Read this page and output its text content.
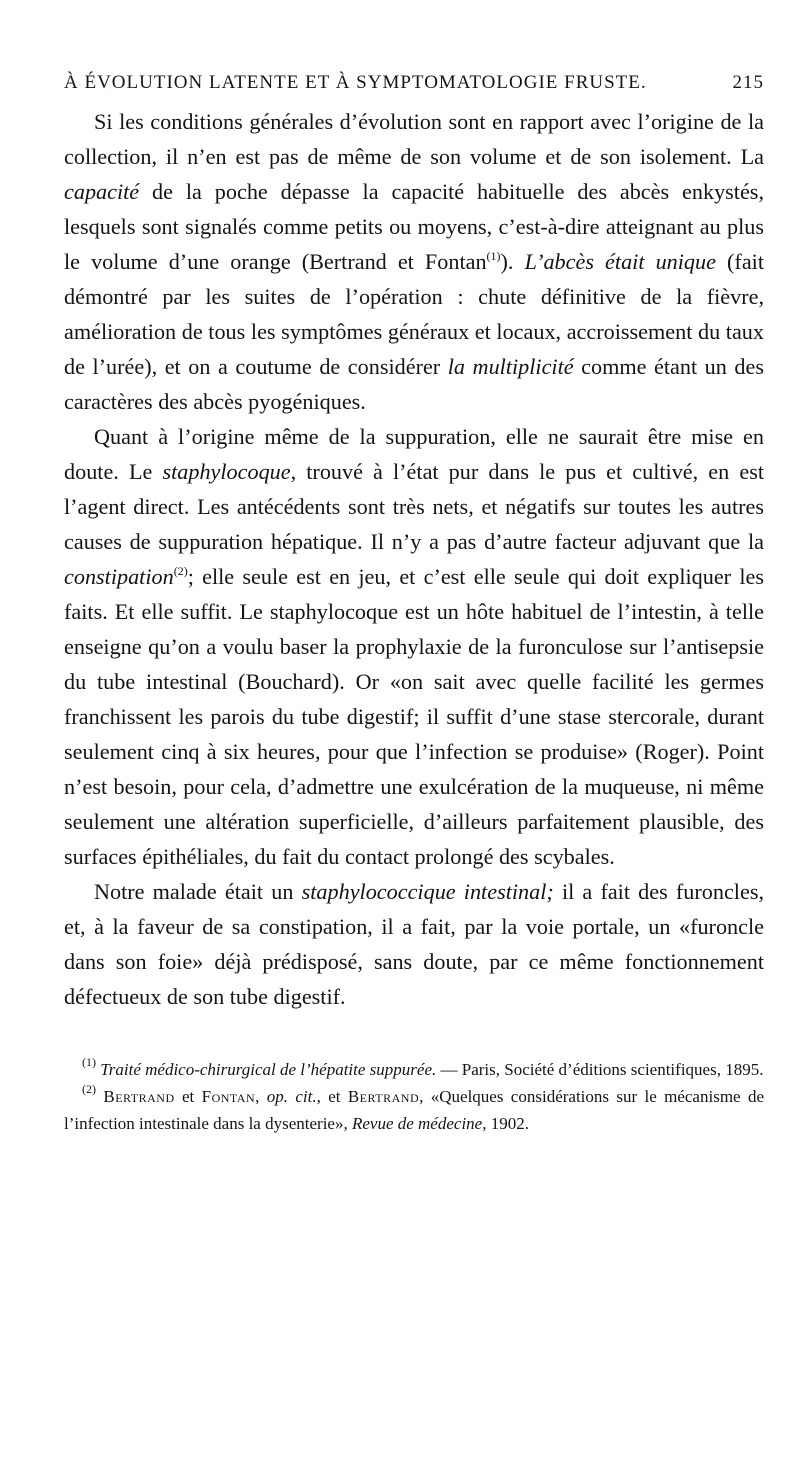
À ÉVOLUTION LATENTE ET À SYMPTOMATOLOGIE FRUSTE.	215

Si les conditions générales d’évolution sont en rapport avec l’origine de la collection, il n’en est pas de même de son volume et de son isolement. La capacité de la poche dépasse la capacité habituelle des abcès enkystés, lesquels sont signalés comme petits ou moyens, c’est-à-dire atteignant au plus le volume d’une orange (Bertrand et Fontan$^{(1)}$). L’abcès était unique (fait démontré par les suites de l’opération : chute définitive de la fièvre, amélioration de tous les symptômes généraux et locaux, accroissement du taux de l’urée), et on a coutume de considérer la multiplicité comme étant un des caractères des abcès pyogéniques.

Quant à l’origine même de la suppuration, elle ne saurait être mise en doute. Le staphylocoque, trouvé à l’état pur dans le pus et cultivé, en est l’agent direct. Les antécédents sont très nets, et négatifs sur toutes les autres causes de suppuration hépatique. Il n’y a pas d’autre facteur adjuvant que la constipation$^{(2)}$; elle seule est en jeu, et c’est elle seule qui doit expliquer les faits. Et elle suffit. Le staphylocoque est un hôte habituel de l’intestin, à telle enseigne qu’on a voulu baser la prophylaxie de la furonculose sur l’antisepsie du tube intestinal (Bouchard). Or «on sait avec quelle facilité les germes franchissent les parois du tube digestif; il suffit d’une stase stercorale, durant seulement cinq à six heures, pour que l’infection se produise» (Roger). Point n’est besoin, pour cela, d’admettre une exulcération de la muqueuse, ni même seulement une altération superficielle, d’ailleurs parfaitement plausible, des surfaces épithéliales, du fait du contact prolongé des scybales.

Notre malade était un staphylococcique intestinal; il a fait des furoncles, et, à la faveur de sa constipation, il a fait, par la voie portale, un «furoncle dans son foie» déjà prédisposé, sans doute, par ce même fonctionnement défectueux de son tube digestif.

$^{(1)}$ Traité médico-chirurgical de l’hépatite suppurée. — Paris, Société d’éditions scientifiques, 1895.

$^{(2)}$ Bertrand et Fontan, op. cit., et Bertrand, «Quelques considérations sur le mécanisme de l’infection intestinale dans la dysenterie», Revue de médecine, 1902.
